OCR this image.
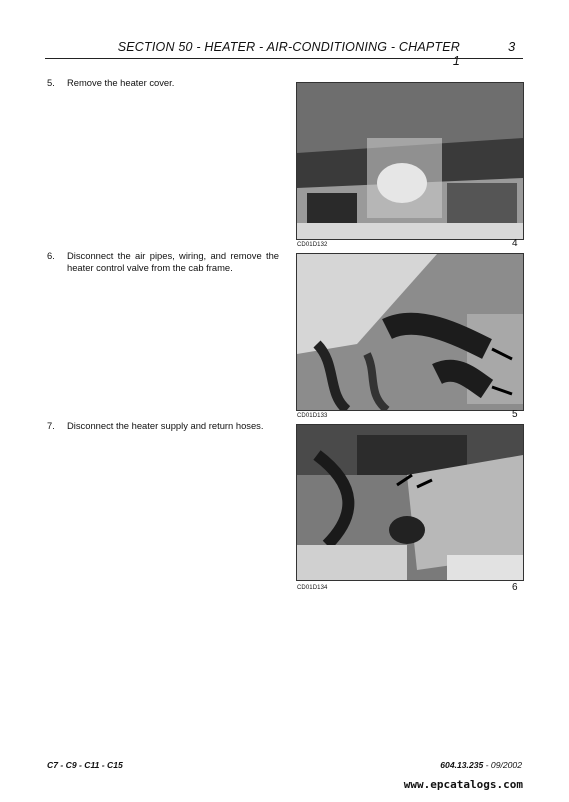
SECTION 50 - HEATER - AIR-CONDITIONING - CHAPTER 1
3
5. Remove the heater cover.
CD01D132	4
6. Disconnect the air pipes, wiring, and remove the heater control valve from the cab frame.
CD01D133	5
7. Disconnect the heater supply and return hoses.
CD01D134	6
C7 - C9 - C11 - C15	604.13.235 - 09/2002
www.epcatalogs.com
